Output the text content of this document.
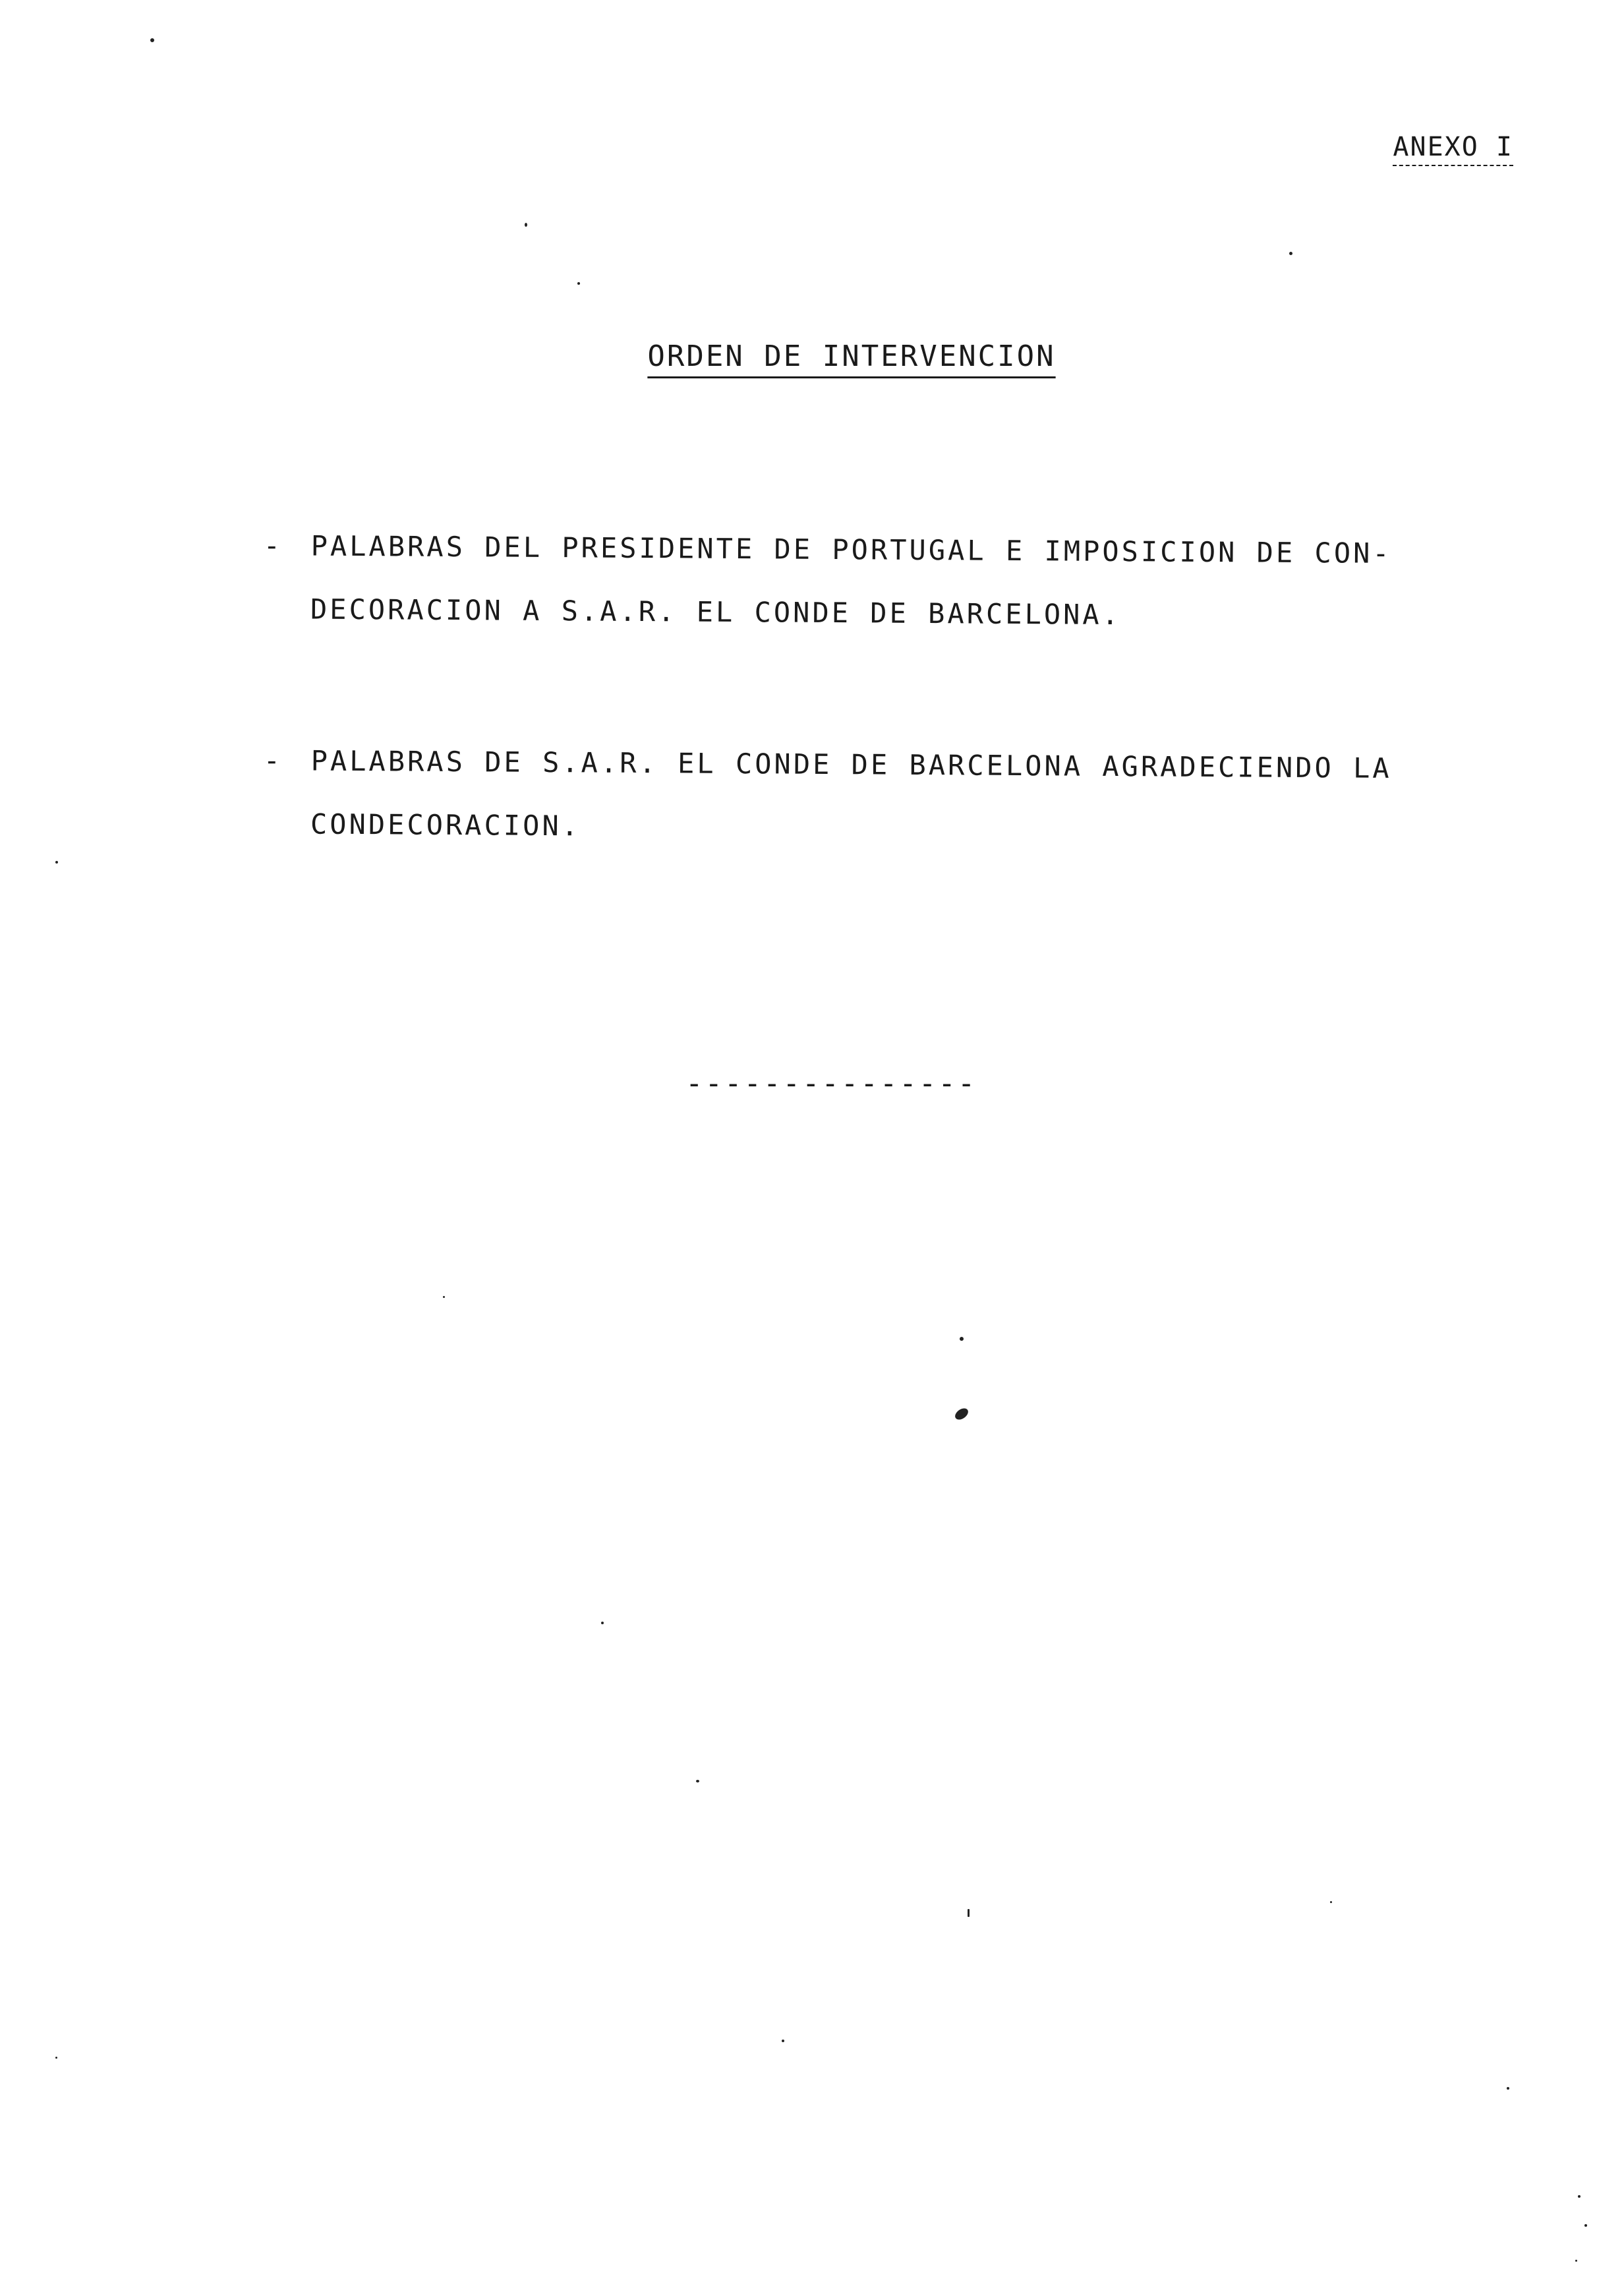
ANEXO I
ORDEN DE INTERVENCION
- PALABRAS DEL PRESIDENTE DE PORTUGAL E IMPOSICION DE CON-DECORACION A S.A.R. EL CONDE DE BARCELONA.
- PALABRAS DE S.A.R. EL CONDE DE BARCELONA AGRADECIENDO LA CONDECORACION.
---------------
